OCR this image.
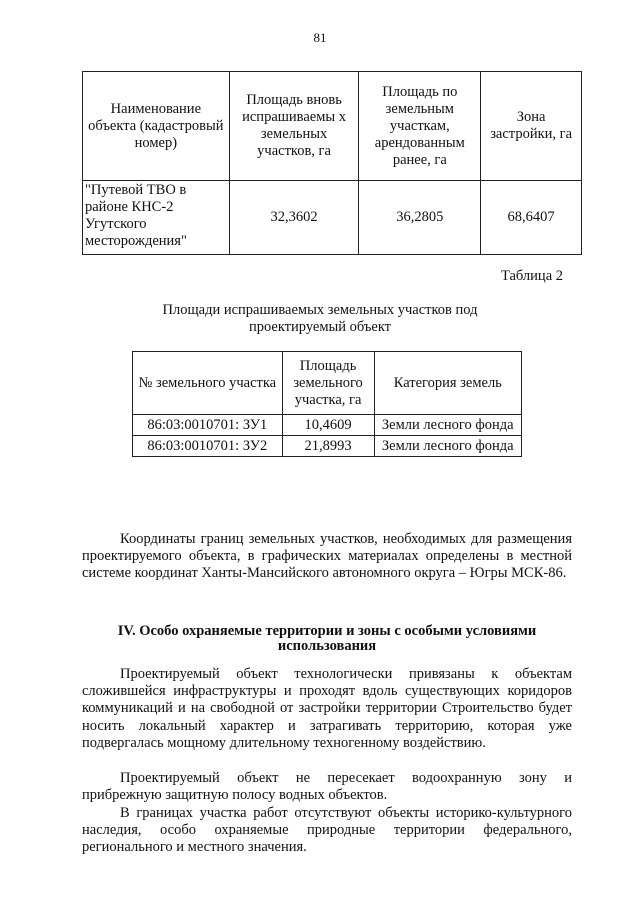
81
Наименование объекта (кадастровый номер)	Площадь вновь испрашиваемы х земельных участков, га	Площадь по земельным участкам, арендованным ранее, га	Зона застройки, га
"Путевой ТВО в районе КНС-2 Угутского месторождения"	32,3602	36,2805	68,6407
Таблица 2
Площади испрашиваемых земельных участков под проектируемый объект
№ земельного участка	Площадь земельного участка, га	Категория земель
86:03:0010701: ЗУ1	10,4609	Земли лесного фонда
86:03:0010701: ЗУ2	21,8993	Земли лесного фонда

Координаты границ земельных участков, необходимых для размещения проектируемого объекта, в графических материалах определены в местной системе координат Ханты-Мансийского автономного округа – Югры МСК-86.

IV. Особо охраняемые территории и зоны с особыми условиями использования

Проектируемый объект технологически привязаны к объектам сложившейся инфраструктуры и проходят вдоль существующих коридоров коммуникаций и на свободной от застройки территории Строительство будет носить локальный характер и затрагивать территорию, которая уже подвергалась мощному длительному техногенному воздействию.

Проектируемый объект не пересекает водоохранную зону и прибрежную защитную полосу водных объектов.

В границах участка работ отсутствуют объекты историко-культурного наследия, особо охраняемые природные территории федерального, регионального и местного значения.
